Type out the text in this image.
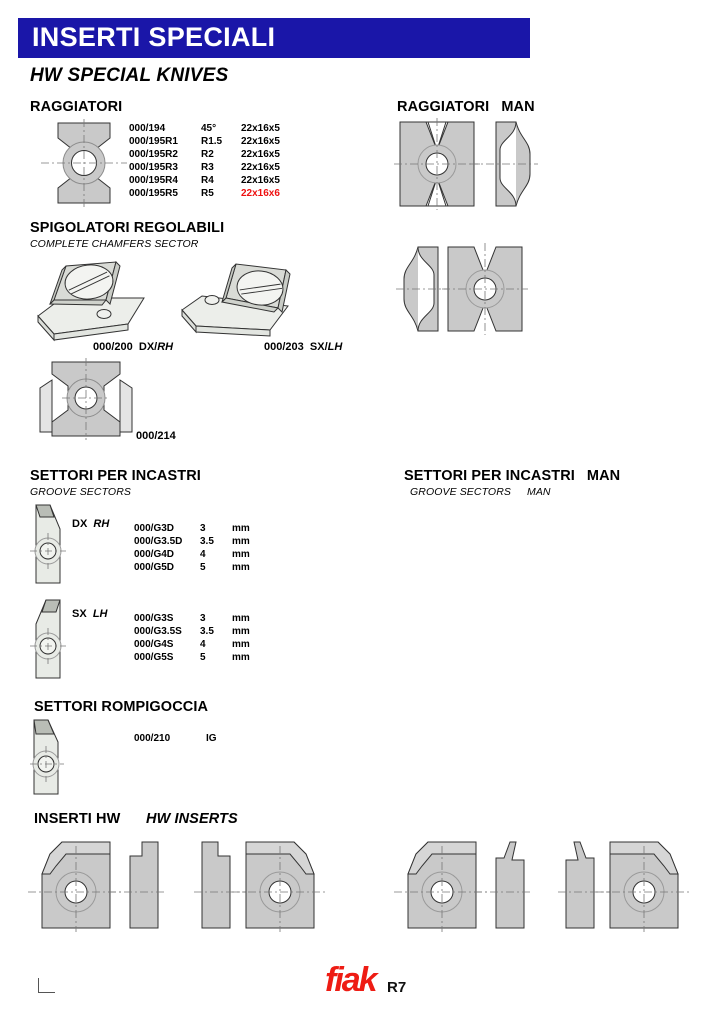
INSERTI SPECIALI
HW SPECIAL KNIVES
RAGGIATORI
000/194	45°	22x16x5
000/195R1	R1.5	22x16x5
000/195R2	R2	22x16x5
000/195R3	R3	22x16x5
000/195R4	R4	22x16x5
000/195R5	R5	22x16x6
RAGGIATORI MAN
SPIGOLATORI REGOLABILI
COMPLETE CHAMFERS SECTOR
000/200 DX/RH	000/203 SX/LH
000/214
SETTORI PER INCASTRI
GROOVE SECTORS
DX RH 000/G3D	3	mm
000/G3.5D	3.5	mm
000/G4D	4	mm
000/G5D	5	mm
SX LH	000/G3S	3	mm
000/G3.5S	3.5	mm
000/G4S	4	mm
000/G5S	5	mm
SETTORI PER INCASTRI MAN
GROOVE SECTORS MAN
SETTORI ROMPIGOCCIA
000/210	IG
INSERTI HW HW INSERTS
fiak R7
